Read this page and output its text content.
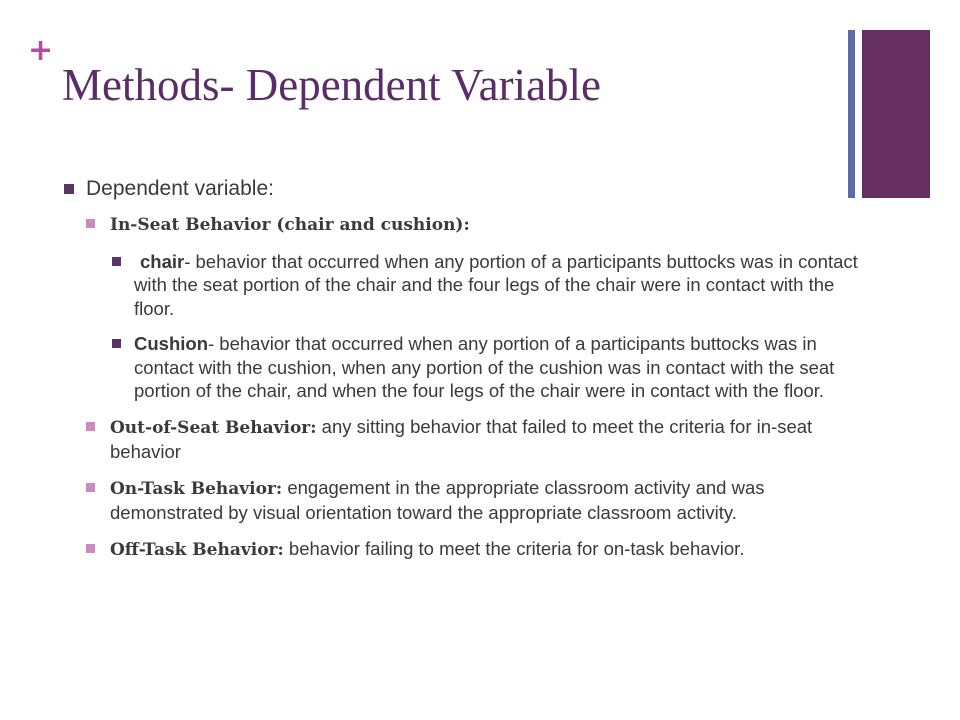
+
Methods- Dependent Variable
Dependent variable:
In-Seat Behavior (chair and cushion):
chair- behavior that occurred when any portion of a participants buttocks was in contact with the seat portion of the chair and the four legs of the chair were in contact with the floor.
Cushion- behavior that occurred when any portion of a participants buttocks was in contact with the cushion, when any portion of the cushion was in contact with the seat portion of the chair, and when the four legs of the chair were in contact with the floor.
Out-of-Seat Behavior: any sitting behavior that failed to meet the criteria for in-seat behavior
On-Task Behavior: engagement in the appropriate classroom activity and was demonstrated by visual orientation toward the appropriate classroom activity.
Off-Task Behavior: behavior failing to meet the criteria for on-task behavior.
